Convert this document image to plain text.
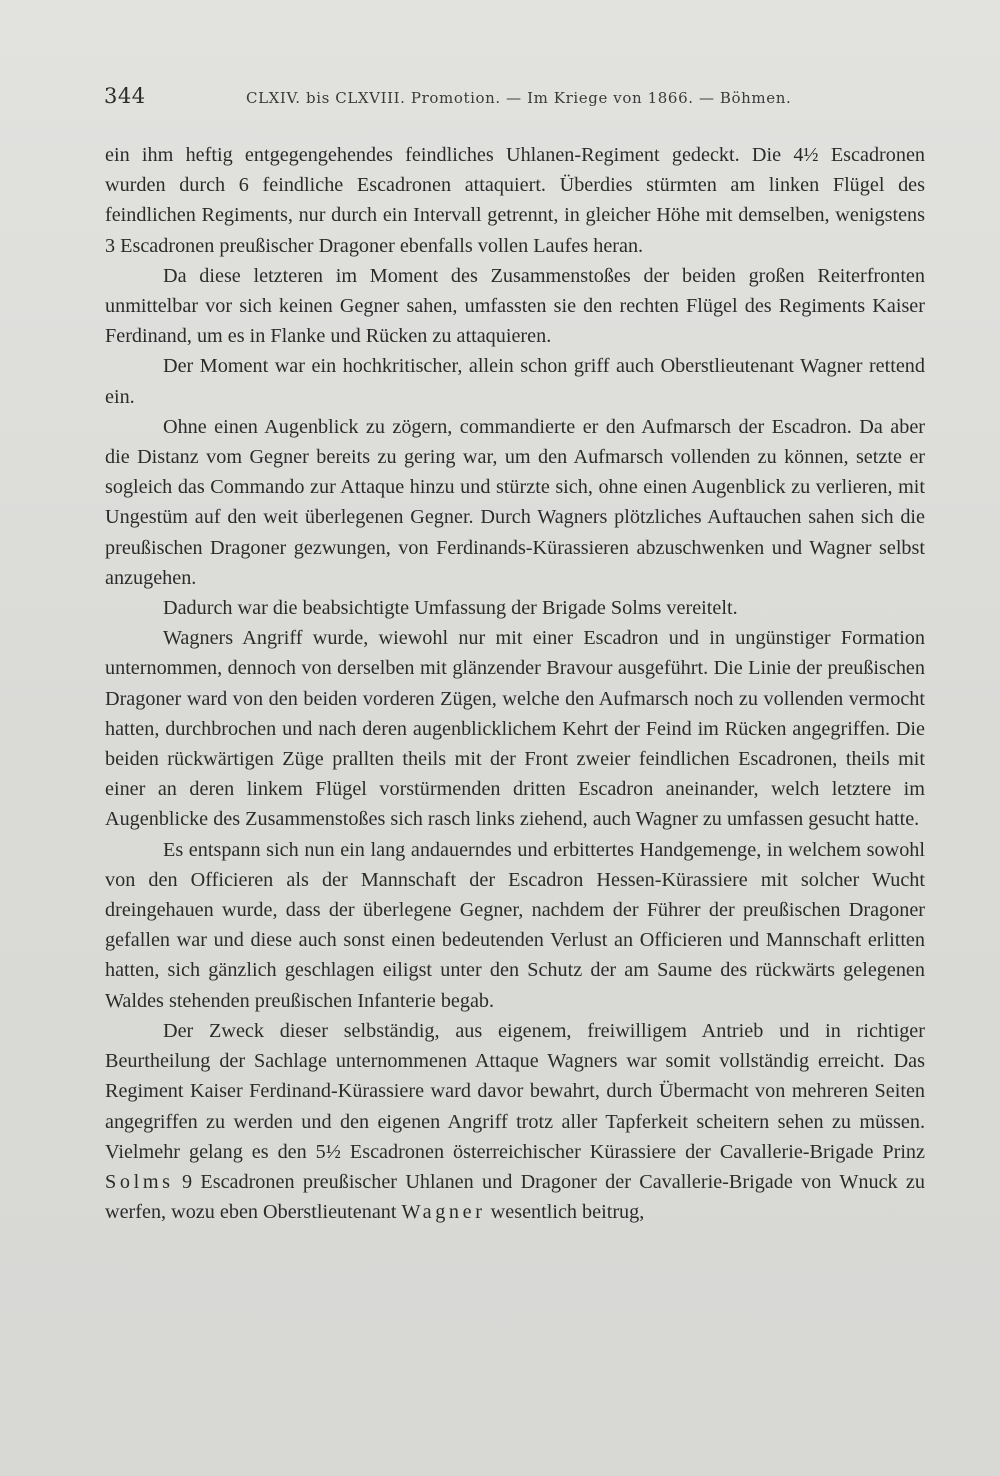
344	CLXIV. bis CLXVIII. Promotion. — Im Kriege von 1866. — Böhmen.

ein ihm heftig entgegengehendes feindliches Uhlanen-Regiment gedeckt. Die 4½ Escadronen wurden durch 6 feindliche Escadronen attaquiert. Überdies stürmten am linken Flügel des feindlichen Regiments, nur durch ein Intervall getrennt, in gleicher Höhe mit demselben, wenigstens 3 Escadronen preußischer Dragoner ebenfalls vollen Laufes heran.

Da diese letzteren im Moment des Zusammenstoßes der beiden großen Reiterfronten unmittelbar vor sich keinen Gegner sahen, umfassten sie den rechten Flügel des Regiments Kaiser Ferdinand, um es in Flanke und Rücken zu attaquieren.

Der Moment war ein hochkritischer, allein schon griff auch Oberstlieutenant Wagner rettend ein.

Ohne einen Augenblick zu zögern, commandierte er den Aufmarsch der Escadron. Da aber die Distanz vom Gegner bereits zu gering war, um den Aufmarsch vollenden zu können, setzte er sogleich das Commando zur Attaque hinzu und stürzte sich, ohne einen Augenblick zu verlieren, mit Ungestüm auf den weit überlegenen Gegner. Durch Wagners plötzliches Auftauchen sahen sich die preußischen Dragoner gezwungen, von Ferdinands-Kürassieren abzuschwenken und Wagner selbst anzugehen.

Dadurch war die beabsichtigte Umfassung der Brigade Solms vereitelt.

Wagners Angriff wurde, wiewohl nur mit einer Escadron und in ungünstiger Formation unternommen, dennoch von derselben mit glänzender Bravour ausgeführt. Die Linie der preußischen Dragoner ward von den beiden vorderen Zügen, welche den Aufmarsch noch zu vollenden vermocht hatten, durchbrochen und nach deren augenblicklichem Kehrt der Feind im Rücken angegriffen. Die beiden rückwärtigen Züge prallten theils mit der Front zweier feindlichen Escadronen, theils mit einer an deren linkem Flügel vorstürmenden dritten Escadron aneinander, welch letztere im Augenblicke des Zusammenstoßes sich rasch links ziehend, auch Wagner zu umfassen gesucht hatte.

Es entspann sich nun ein lang andauerndes und erbittertes Handgemenge, in welchem sowohl von den Officieren als der Mannschaft der Escadron Hessen-Kürassiere mit solcher Wucht dreingehauen wurde, dass der überlegene Gegner, nachdem der Führer der preußischen Dragoner gefallen war und diese auch sonst einen bedeutenden Verlust an Officieren und Mannschaft erlitten hatten, sich gänzlich geschlagen eiligst unter den Schutz der am Saume des rückwärts gelegenen Waldes stehenden preußischen Infanterie begab.

Der Zweck dieser selbständig, aus eigenem, freiwilligem Antrieb und in richtiger Beurtheilung der Sachlage unternommenen Attaque Wagners war somit vollständig erreicht. Das Regiment Kaiser Ferdinand-Kürassiere ward davor bewahrt, durch Übermacht von mehreren Seiten angegriffen zu werden und den eigenen Angriff trotz aller Tapferkeit scheitern sehen zu müssen. Vielmehr gelang es den 5½ Escadronen österreichischer Kürassiere der Cavallerie-Brigade Prinz Solms 9 Escadronen preußischer Uhlanen und Dragoner der Cavallerie-Brigade von Wnuck zu werfen, wozu eben Oberstlieutenant Wagner wesentlich beitrug,
